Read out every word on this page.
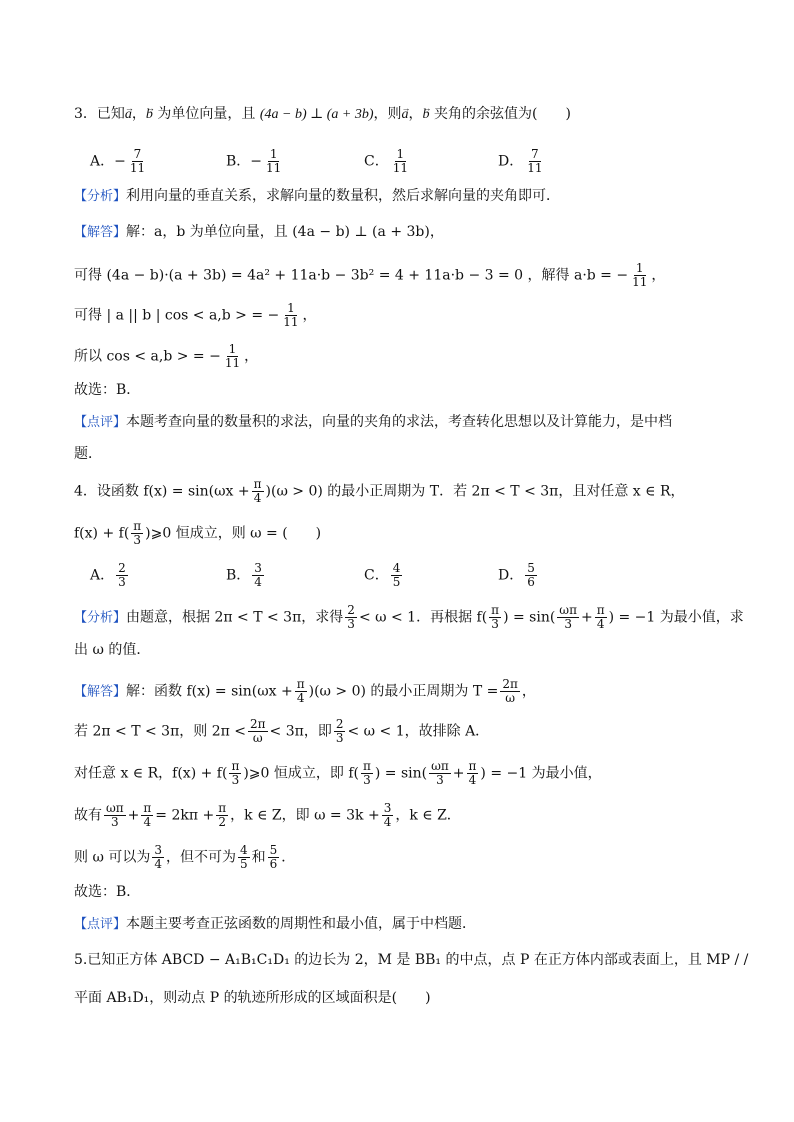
3．已知→ a，→ b 为单位向量，且 (4a − b) ⊥ (a + 3b)，则→ a，→ b 夹角的余弦值为(　　)
A．− $\frac{7}{11}$	B．− $\frac{1}{11}$	C． $\frac{1}{11}$	D． $\frac{7}{11}$
【分析】利用向量的垂直关系，求解向量的数量积，然后求解向量的夹角即可．
【解答】解：a，b 为单位向量，且 (4a − b) ⊥ (a + 3b)，
可得 (4a − b)·(a + 3b) = 4a² + 11a·b − 3b² = 4 + 11a·b − 3 = 0 ，解得 a·b = − $\frac{1}{11}$ ，
可得 | a || b | cos < a,b > = − $\frac{1}{11}$ ，
所以 cos < a,b > = − $\frac{1}{11}$ ，
故选：B．
【点评】本题考查向量的数量积的求法，向量的夹角的求法，考查转化思想以及计算能力，是中档
题．
4．设函数 $f(x) = \sin(\omega x + \frac{\pi}{4} )(\omega > 0)$ 的最小正周期为 T．若 2π < T < 3π，且对任意 x ∈ R，
$f(x) + f( \frac{\pi}{3}$ )⩾0 恒成立，则 ω = (　　)
A． $\frac{2}{3}$	B． $\frac{3}{4}$	C． $\frac{4}{5}$	D． $\frac{5}{6}$
【分析】由题意，根据 2π < T < 3π，求得 $\frac{2}{3} < \omega < 1$．再根据 $f( \frac{\pi}{3}$ ) = $\sin( \frac{\omega\pi}{3} + \frac{\pi}{4}$ ) = −1 为最小值，求
出 ω 的值．
【解答】解：函数 $f(x) = \sin(\omega x + \frac{\pi}{4} )(\omega > 0)$ 的最小正周期为 $T = \frac{2\pi}{\omega}$ ，
若 2π < T < 3π，则 $2\pi < \frac{2\pi}{\omega} < 3\pi$，即 $\frac{2}{3} < \omega < 1$，故排除 A．
对任意 x ∈ R，$f(x) + f( \frac{\pi}{3}$ )⩾0 恒成立，即 $f( \frac{\pi}{3}$ ) = $\sin( \frac{\omega\pi}{3} + \frac{\pi}{4}$ ) = −1 为最小值，
故有 $\frac{\omega\pi}{3} + \frac{\pi}{4} = 2k\pi + \frac{\pi}{2}$ ，k ∈ Z，即 $\omega = 3k + \frac{3}{4}$ ，k ∈ Z．
则 ω 可以为 $\frac{3}{4}$ ，但不可为 $\frac{4}{5}$ 和 $\frac{5}{6}$ ．
故选：B．
【点评】本题主要考查正弦函数的周期性和最小值，属于中档题．
5.已知正方体 ABCD − A₁B₁C₁D₁ 的边长为 2，M 是 BB₁ 的中点，点 P 在正方体内部或表面上，且 MP / /
平面 AB₁D₁，则动点 P 的轨迹所形成的区域面积是(　　)
